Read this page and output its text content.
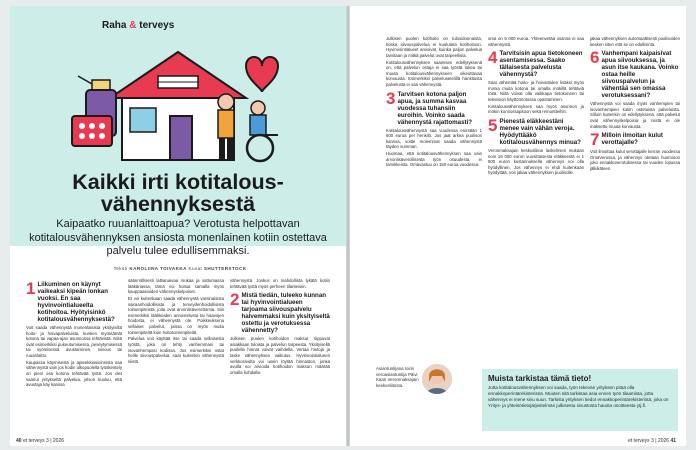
Raha & terveys
Kaikki irti kotitalous-
vähennyksestä
Kaipaatko ruuanlaittoapua? Verotusta helpottavan kotitalousvähennyksen ansiosta monenlainen kotiin ostettava palvelu tulee edullisemmaksi.
Teksti KAROLIINA TOIVAKKA Kuvat SHUTTERSTOCK
1 Liikuminen on käynyt vaikeaksi kipeän lonkan vuoksi. En saa hyvinvointialueelta kotihoitoa. Hyötyisinkö kotitalousvähennyksestä?

Voit saada vähennystä monenlaisista yksityisiltä hoito- ja hoivapalveluista, kuntien myöntämät kotona tai vapaa-ajan asunnossa tehtävistä. Niitä ovat esimerkiksi pukeutumisessa, peseytymisessä tai syömisessä avustaminen, siivous tai ruuanlaitto.

Kaupassa käymisestä ja apteekkiasioinnista saa vähennystä vain jos kodin ulkopuolella työskentely on pieni osa kotona tehtävää työtä. Jos olet saanut yritykseltä palvelua, jolson kuuluu, että avustaja käy kanssa

säännöllisesti lattianaivaa mukaa ja sattumassa lääkäriassa, tämä voi hoitua samalla myös kauppaasioiden vähennyskelpoiset.

Et voi kuitenkaan saada vähennystä varsinaisista sairaanhoidollisista ja terveydenhoidollisista toimenpiteistä, joita ovat arvonlisäverottomia. Siis esimerkiksi lääkkeiden annostelusta tai haavojen hoidosta, ei vähennystä ole. Poikkeuksena sellaiset palvelut, joissa on myös muita toimenpiteitä kuin hoitotoimenpiteitä.

Palvelua voit käyttää itse tai saada sellaisesta työstä, joka on tehty vanhemmasi tai isovanhempasi kodissa. Jos esimerkiksi ostat heille siivouspalvelua, saat kuitenkin vähennystä niistä.

vähennystä. Joskus on mahdollista lykätä kotiin tehtävää työtä myös perheen tilanteisiin.

2 Mistä tiedän, tuleeko kunnan tai hyvinvointialueen tarjoama siivouspalvelu halvemmaksi kuin yksityiseltä ostettu ja verotuksessa vähennetty?

Julkisen puolen kotihoidon maksut riippuvat asiakkaan tuloista ja palvelun tarpeesta. Yksityisellä puolella hinnat voivat vaihdella. Vertaa hintoja ja laske vähennyksen vaikutus. Hyvinvointialueen verkkosivulta voi usein löytää hinnaston, jonka avulla voi arvioida kotihoidon maksun määrää omalla kohdalla.

40 et terveys 3 | 2026

Julkisen puolen kotihoito on tulosidonnaista, koska siivouspalvelua ei kuuluteta kotihoitoon. Hyvinvointialueet arvioivat, kuinka paljon palvelua tarvitaan ja mitkä palvelut ovat tarpeellisia.

Kotitalousvähennyksen saamisen edellytyksenä on, että palvelun ostaja ei saa työstä tukea tai muuta kotitalousvähennykseen oikeuttavaa korvausta. Esimerkiksi palvelusetelillä hankitusta palvelusta ei saa vähennystä.

3 Tarvitsen kotona paljon apua, ja summa kasvaa vuodessa tuhansiin euroihin. Voinko saada vähennystä rajattomasti?

Kotitalousvähennystä saa vuodessa enintään 1 600 euroa per henkilö. Jos jaat arkea puolison kanssa, voitte molemmat saada vähennystä täyden summan.

Huomaa, että kotitalousvähennyksen saa vain arvonlisäverollisesta työn osuudesta, ei tarvikkeista. Omavastuu on 150 euroa vuodessa.

oma on 5 000 euroa. Yhteenvetää osansa ei saa vähennystä.

4 Tarvitsisin apua tietokoneen asentamisessa. Saako tällaisesta palvelusta vähennystä?

Saat vähentää hoito- ja hoivatöiden lisäksi myös monia muita kotona tai omalla mökillä tehtäviä töitä. Niitä voivat olla vaikkapa tietokoneen tai television käyttöönotossa opastaminen.

Kotitalousvähennyksen saa myös asunnon ja mökin kunnossapitoon sekä remontteihin.

5 Pienestä eläkkeestäni menee vain vähän veroja. Hyödyttääkö kotitalousvähennys minua?

Veronmaksajain keskusliiton laskelmien mukaan noin 16 000 euron vuosittaisesta eläkkeestä ei 1 500 euron kustannuksella vähennys voi olla hyödyllinen. Jos vähennys ei ehdi kuitenkaan hyödyttää, voit jakaa vähennyksen puolisolle.

jakaa vähennyksen automaattisesti puolisoiden kesken siten että se on edullisinta.

6 Vanhempani kaipaisivat apua siivouksessa, ja asun itse kaukana. Voinko ostaa heille siivouspalvelun ja vähentää sen omassa verotuksessani?

Vähennystä voi saada myös vanhempien tai isovanhempien kotiin ostetuista palveluista. Silloin kuitenkin on edellytyksenä, että palvelut ovat vähennyskelpoisia ja niistä ei ole maksettu muuta korvausta.

7 Milloin ilmoitan kulut verottajalle?

Voit ilmoittaa kulut verottajalle kerran vuodessa OmaVerossa, ja vähennys otetaan huomioon joko ennakkoverotuksessa tai vuoden lopussa jälkikäteen.

Asiantuntijana toimi veroasiantuntija Päivi Kaari Veronmaksajain keskusliitosta.
Muista tarkistaa tämä tieto!
Jotta kotitalousvähennyksen voi saada, työn tekevän yrityksen pitää olla ennakkoperintärekisterissä. Muuten sitä tarkistaa asia ennen työn tilaamista, jotta vähennys ei mene sivu suun. Tarkista yrityksen tiedot ennakkoperintärekisteristä, joka on Yritys- ja yhteisötietojärjestelmän julkisesta sivustosta hausta osoitteesta ytj.fi.
et terveys 3 | 2026 41
